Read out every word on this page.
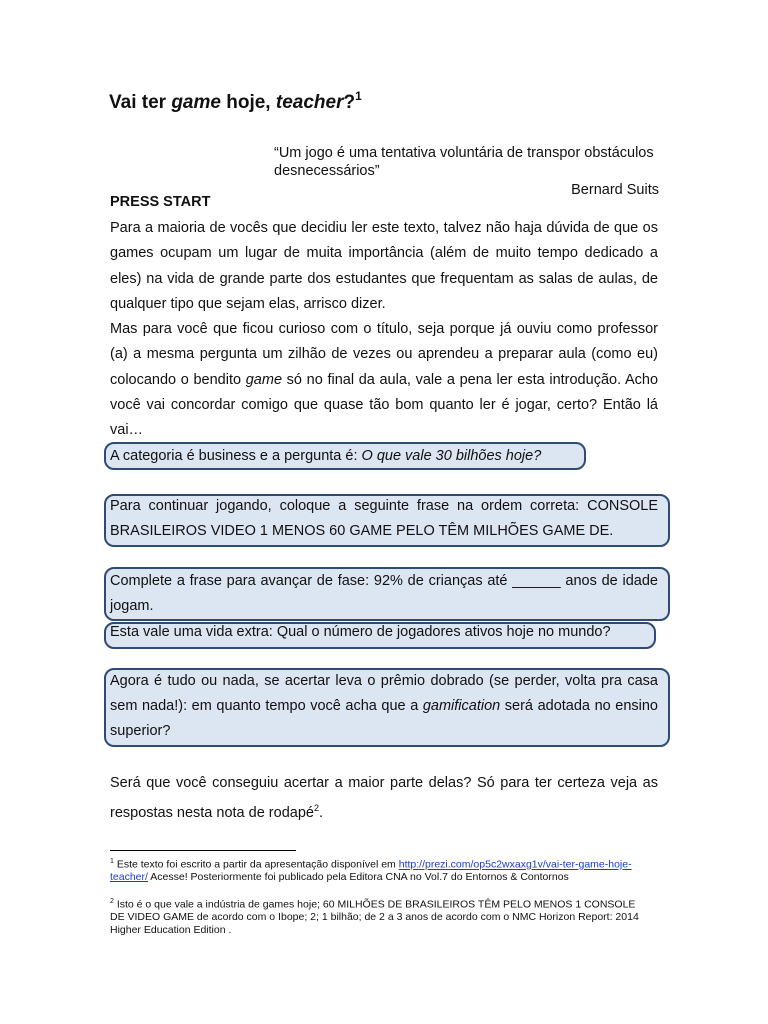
Vai ter game hoje, teacher?$^1$
“Um jogo é uma tentativa voluntária de transpor obstáculos desnecessários”
Bernard Suits
PRESS START

Para a maioria de vocês que decidiu ler este texto, talvez não haja dúvida de que os games ocupam um lugar de muita importância (além de muito tempo dedicado a eles) na vida de grande parte dos estudantes que frequentam as salas de aulas, de qualquer tipo que sejam elas, arrisco dizer.

Mas para você que ficou curioso com o título, seja porque já ouviu como professor (a) a mesma pergunta um zilhão de vezes ou aprendeu a preparar aula (como eu) colocando o bendito game só no final da aula, vale a pena ler esta introdução. Acho você vai concordar comigo que quase tão bom quanto ler é jogar, certo? Então lá vai…

A categoria é business e a pergunta é: O que vale 30 bilhões hoje?

Para continuar jogando, coloque a seguinte frase na ordem correta: CONSOLE BRASILEIROS VIDEO 1 MENOS 60 GAME PELO TÊM MILHÕES GAME DE.

Complete a frase para avançar de fase: 92% de crianças até ______ anos de idade jogam.

Esta vale uma vida extra: Qual o número de jogadores ativos hoje no mundo?

Agora é tudo ou nada, se acertar leva o prêmio dobrado (se perder, volta pra casa sem nada!): em quanto tempo você acha que a gamification será adotada no ensino superior?

Será que você conseguiu acertar a maior parte delas? Só para ter certeza veja as respostas nesta nota de rodapé$^2$.

$^1$ Este texto foi escrito a partir da apresentação disponível em http://prezi.com/op5c2wxaxg1v/vai-ter-game-hoje-teacher/ Acesse! Posteriormente foi publicado pela Editora CNA no Vol.7 do Entornos & Contornos

$^2$ Isto é o que vale a indústria de games hoje; 60 MILHÕES DE BRASILEIROS TÊM PELO MENOS 1 CONSOLE DE VIDEO GAME de acordo com o Ibope; 2; 1 bilhão; de 2 a 3 anos de acordo com o NMC Horizon Report: 2014 Higher Education Edition .
